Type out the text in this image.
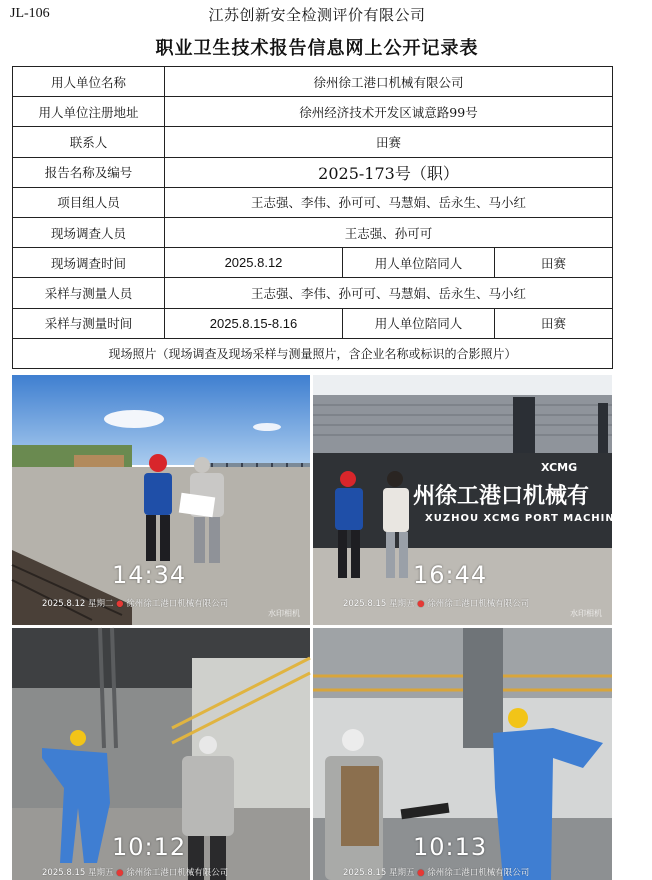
JL-106	江苏创新安全检测评价有限公司
职业卫生技术报告信息网上公开记录表
用人单位名称	徐州徐工港口机械有限公司		
用人单位注册地址	徐州经济技术开发区诚意路99号		
联系人	田赛		
报告名称及编号	2025-173号（职）		
项目组人员	王志强、李伟、孙可可、马慧娟、岳永生、马小红		
现场调查人员	王志强、孙可可		
现场调查时间	2025.8.12	用人单位陪同人	田赛
采样与测量人员	王志强、李伟、孙可可、马慧娟、岳永生、马小红		
采样与测量时间	2025.8.15-8.16	用人单位陪同人	田赛
现场照片（现场调查及现场采样与测量照片，含企业名称或标识的合影照片）			
14:34
2025.8.12 星期二 ● 徐州徐工港口机械有限公司
水印相机
XCMG
州徐工港口机械有
XUZHOU XCMG PORT MACHINERY C
16:44
2025.8.15 星期五 ● 徐州徐工港口机械有限公司
水印相机
10:12
2025.8.15 星期五 ● 徐州徐工港口机械有限公司
10:13
2025.8.15 星期五 ● 徐州徐工港口机械有限公司
